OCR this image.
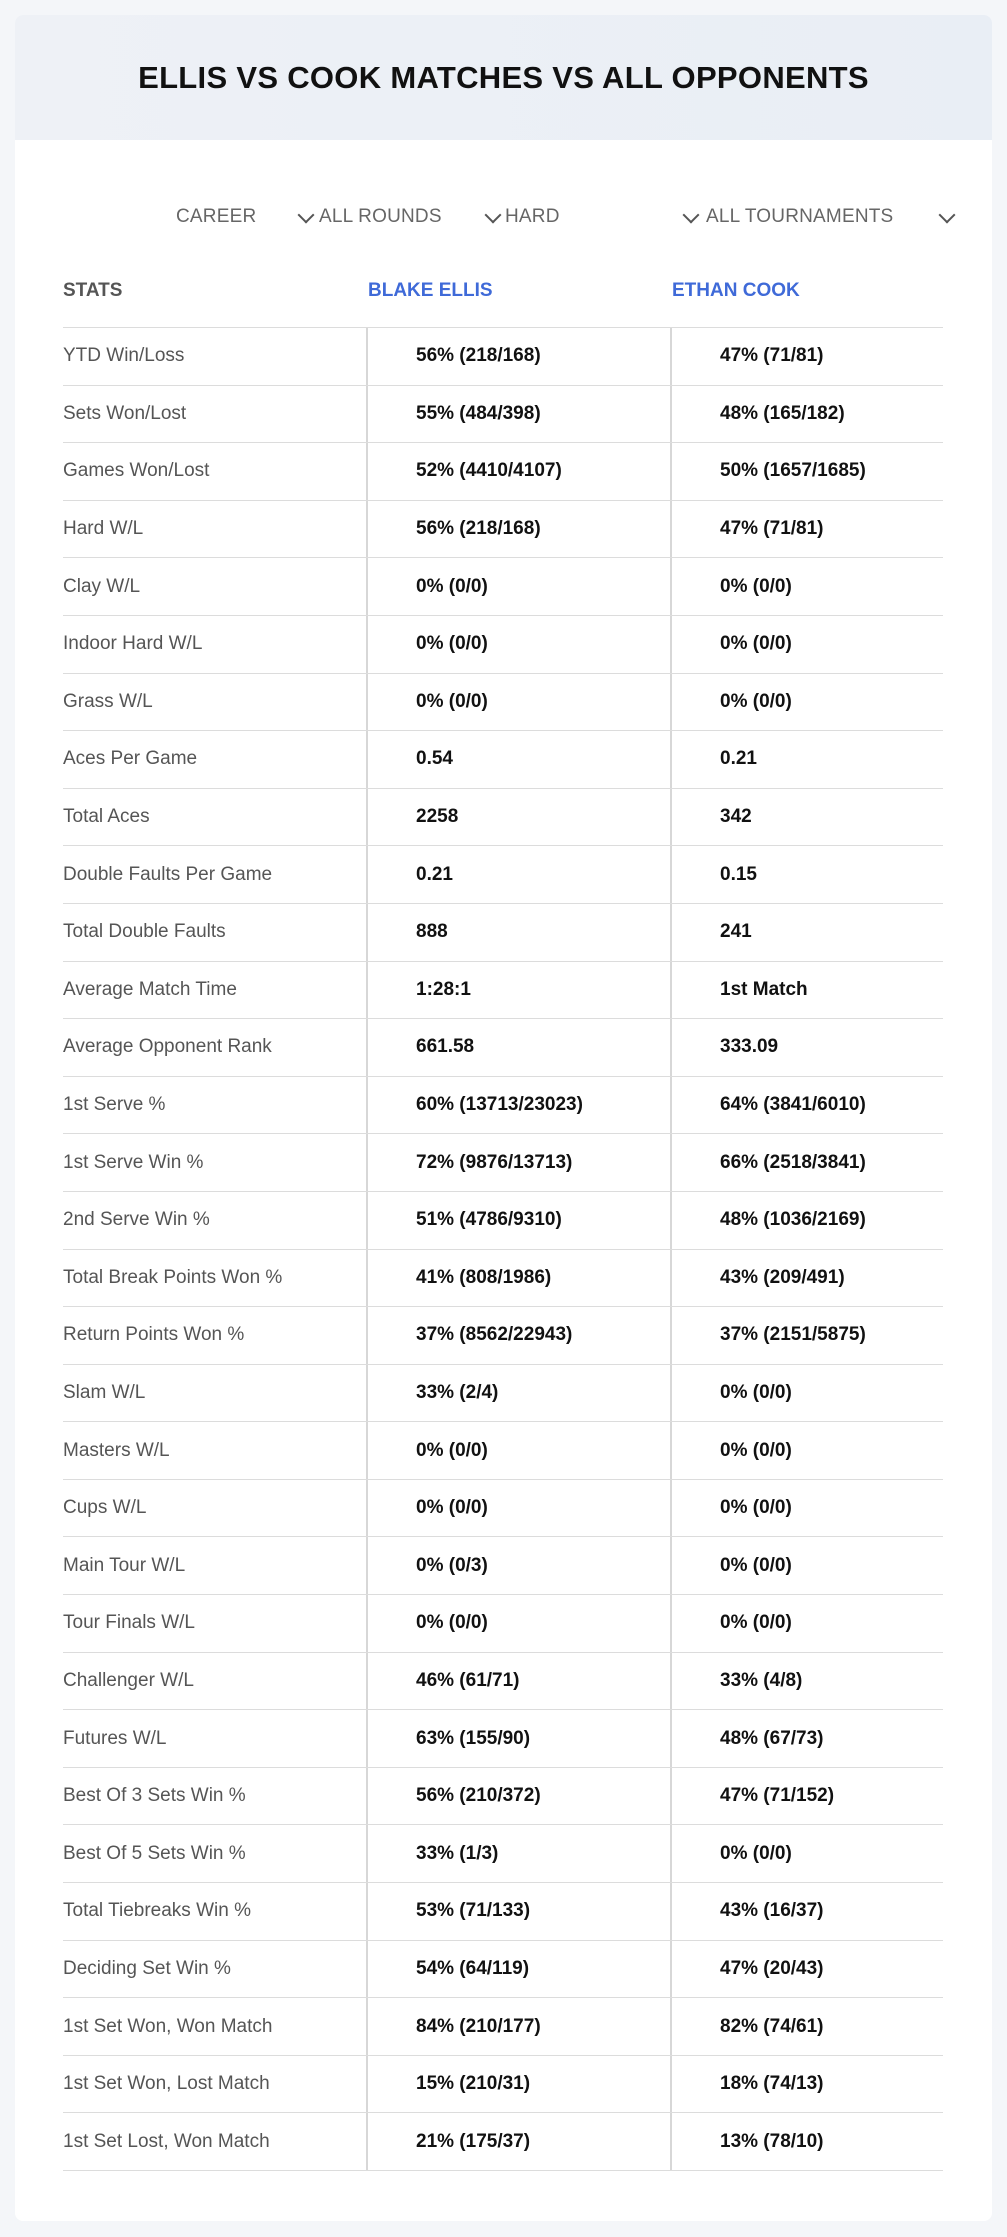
ELLIS VS COOK MATCHES VS ALL OPPONENTS
CAREER	ALL ROUNDS	HARD	ALL TOURNAMENTS
STATS	BLAKE ELLIS	ETHAN COOK
YTD Win/Loss	56% (218/168)	47% (71/81)
Sets Won/Lost	55% (484/398)	48% (165/182)
Games Won/Lost	52% (4410/4107)	50% (1657/1685)
Hard W/L	56% (218/168)	47% (71/81)
Clay W/L	0% (0/0)	0% (0/0)
Indoor Hard W/L	0% (0/0)	0% (0/0)
Grass W/L	0% (0/0)	0% (0/0)
Aces Per Game	0.54	0.21
Total Aces	2258	342
Double Faults Per Game	0.21	0.15
Total Double Faults	888	241
Average Match Time	1:28:1	1st Match
Average Opponent Rank	661.58	333.09
1st Serve %	60% (13713/23023)	64% (3841/6010)
1st Serve Win %	72% (9876/13713)	66% (2518/3841)
2nd Serve Win %	51% (4786/9310)	48% (1036/2169)
Total Break Points Won %	41% (808/1986)	43% (209/491)
Return Points Won %	37% (8562/22943)	37% (2151/5875)
Slam W/L	33% (2/4)	0% (0/0)
Masters W/L	0% (0/0)	0% (0/0)
Cups W/L	0% (0/0)	0% (0/0)
Main Tour W/L	0% (0/3)	0% (0/0)
Tour Finals W/L	0% (0/0)	0% (0/0)
Challenger W/L	46% (61/71)	33% (4/8)
Futures W/L	63% (155/90)	48% (67/73)
Best Of 3 Sets Win %	56% (210/372)	47% (71/152)
Best Of 5 Sets Win %	33% (1/3)	0% (0/0)
Total Tiebreaks Win %	53% (71/133)	43% (16/37)
Deciding Set Win %	54% (64/119)	47% (20/43)
1st Set Won, Won Match	84% (210/177)	82% (74/61)
1st Set Won, Lost Match	15% (210/31)	18% (74/13)
1st Set Lost, Won Match	21% (175/37)	13% (78/10)
